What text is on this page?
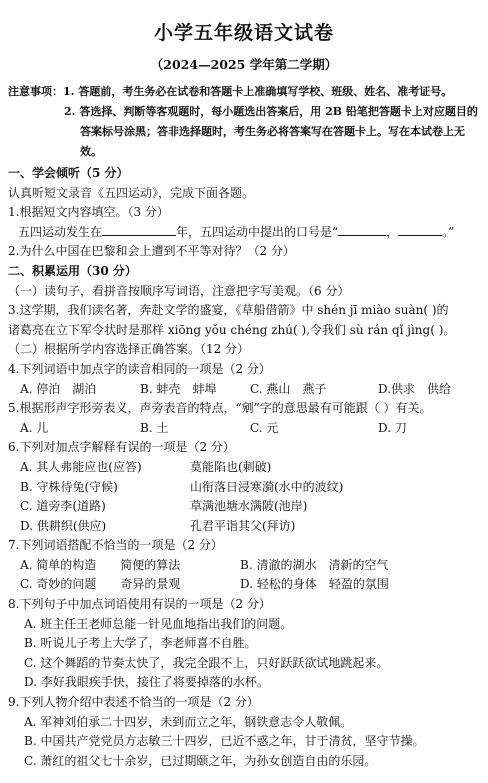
小学五年级语文试卷
（2024—2025 学年第二学期）
注意事项： 1. 答题前，考生务必在试卷和答题卡上准确填写学校、班级、姓名、准考证号。
2. 答选择、判断等客观题时，每小题选出答案后，用 2B 铅笔把答题卡上对应题目的
答案标号涂黑；答非选择题时，考生务必将答案写在答题卡上。写在本试卷上无效。
一、学会倾听（5 分）
认真听短文录音《五四运动》，完成下面各题。
1.根据短文内容填空。（3 分）
五四运动发生在	年，五四运动中提出的口号是“	，	。”
2.为什么中国在巴黎和会上遭到不平等对待？（2 分）
二、积累运用（30 分）
（一）读句子，看拼音按顺序写词语，注意把字写美观。（6 分）
3.这学期，我们读名著，奔赴文学的盛宴，《草船借箭》中 shén jī miào suàn( )的
诸葛亮在立下军令状时是那样 xiōng yǒu chéng zhú( ),令我们 sù rán qǐ jìng( )。
（二）根据所学内容选择正确答案。（12 分）
4.下列词语中加点字的读音相同的一项是（2 分）
A. 停泊　湖泊	B. 蚌壳　蚌埠	C. 燕山　燕子	D.供求　供给
5.根据形声字形旁表义，声旁表音的特点，“剜”字的意思最有可能跟（ ）有关。
A. 儿	B. 土	C. 元	D. 刀
6.下列对加点字解释有误的一项是（2 分）
A. 其人弗能应也(应答)	莫能陷也(刺破)
B. 守株待兔(守候)	山衔落日浸寒漪(水中的波纹)
C. 道旁李(道路)	草满池塘水满陂(池岸)
D. 供耕织(供应)	孔君平诣其父(拜访)
7.下列词语搭配不恰当的一项是（2 分）
A. 简单的构造　　简便的算法	B. 清澈的湖水　清新的空气
C. 奇妙的问题　　奇异的景观	D. 轻松的身体　轻盈的氛围
8.下列句子中加点词语使用有误的一项是（2 分）
A. 班主任王老师总能一针见血地指出我们的问题。
B. 听说儿子考上大学了，李老师喜不自胜。
C. 这个舞蹈的节奏太快了，我完全跟不上，只好跃跃欲试地跳起来。
D. 李好我眼疾手快，接住了将要掉落的水杯。
9.下列人物介绍中表述不恰当的一项是（2 分）
A. 军神刘伯承二十四岁，未到而立之年，钢铁意志令人敬佩。
B. 中国共产党党员方志敏三十四岁，已近不惑之年，甘于清贫，坚守节操。
C. 萧红的祖父七十余岁，已过期颐之年，为孙女创造自由的乐园。
